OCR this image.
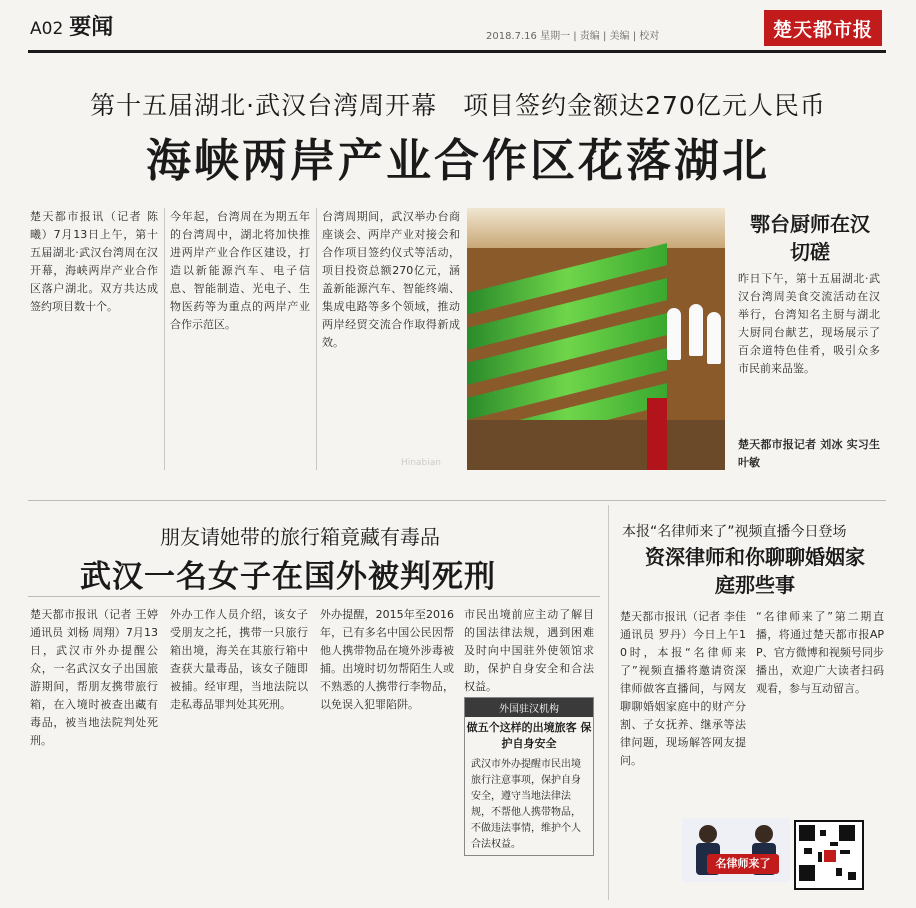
A02 要闻	2018.7.16 星期一 | 责编 | 美编 | 校对	楚天都市报
第十五届湖北·武汉台湾周开幕　项目签约金额达270亿元人民币
海峡两岸产业合作区花落湖北
楚天都市报讯（记者 陈曦）7月13日上午，第十五届湖北·武汉台湾周在汉开幕，海峡两岸产业合作区落户湖北。双方共达成签约项目数十个。
今年起，台湾周在为期五年的台湾周中，湖北将加快推进两岸产业合作区建设，打造以新能源汽车、电子信息、智能制造、光电子、生物医药等为重点的两岸产业合作示范区。
台湾周期间，武汉举办台商座谈会、两岸产业对接会和合作项目签约仪式等活动，项目投资总额270亿元，涵盖新能源汽车、智能终端、集成电路等多个领域，推动两岸经贸交流合作取得新成效。
Hinabian
鄂台厨师在汉切磋
昨日下午，第十五届湖北·武汉台湾周美食交流活动在汉举行，台湾知名主厨与湖北大厨同台献艺，现场展示了百余道特色佳肴，吸引众多市民前来品鉴。
楚天都市报记者 刘冰 实习生 叶敏
朋友请她带的旅行箱竟藏有毒品
武汉一名女子在国外被判死刑
楚天都市报讯（记者 王婷 通讯员 刘杨 周翔）7月13日，武汉市外办提醒公众，一名武汉女子出国旅游期间，帮朋友携带旅行箱，在入境时被查出藏有毒品，被当地法院判处死刑。
外办工作人员介绍，该女子受朋友之托，携带一只旅行箱出境，海关在其旅行箱中查获大量毒品，该女子随即被捕。经审理，当地法院以走私毒品罪判处其死刑。
外办提醒，2015年至2016年，已有多名中国公民因帮他人携带物品在境外涉毒被捕。出境时切勿帮陌生人或不熟悉的人携带行李物品，以免误入犯罪陷阱。
市民出境前应主动了解目的国法律法规，遇到困难及时向中国驻外使领馆求助，保护自身安全和合法权益。
外国驻汉机构
做五个这样的出境旅客 保护自身安全
武汉市外办提醒市民出境旅行注意事项，保护自身安全，遵守当地法律法规，不帮他人携带物品，不做违法事情，维护个人合法权益。
本报“名律师来了”视频直播今日登场
资深律师和你聊聊婚姻家庭那些事
楚天都市报讯（记者 李佳 通讯员 罗丹）今日上午10时，本报“名律师来了”视频直播将邀请资深律师做客直播间，与网友聊聊婚姻家庭中的财产分割、子女抚养、继承等法律问题，现场解答网友提问。
“名律师来了”第二期直播，将通过楚天都市报APP、官方微博和视频号同步播出，欢迎广大读者扫码观看，参与互动留言。
名律师来了
